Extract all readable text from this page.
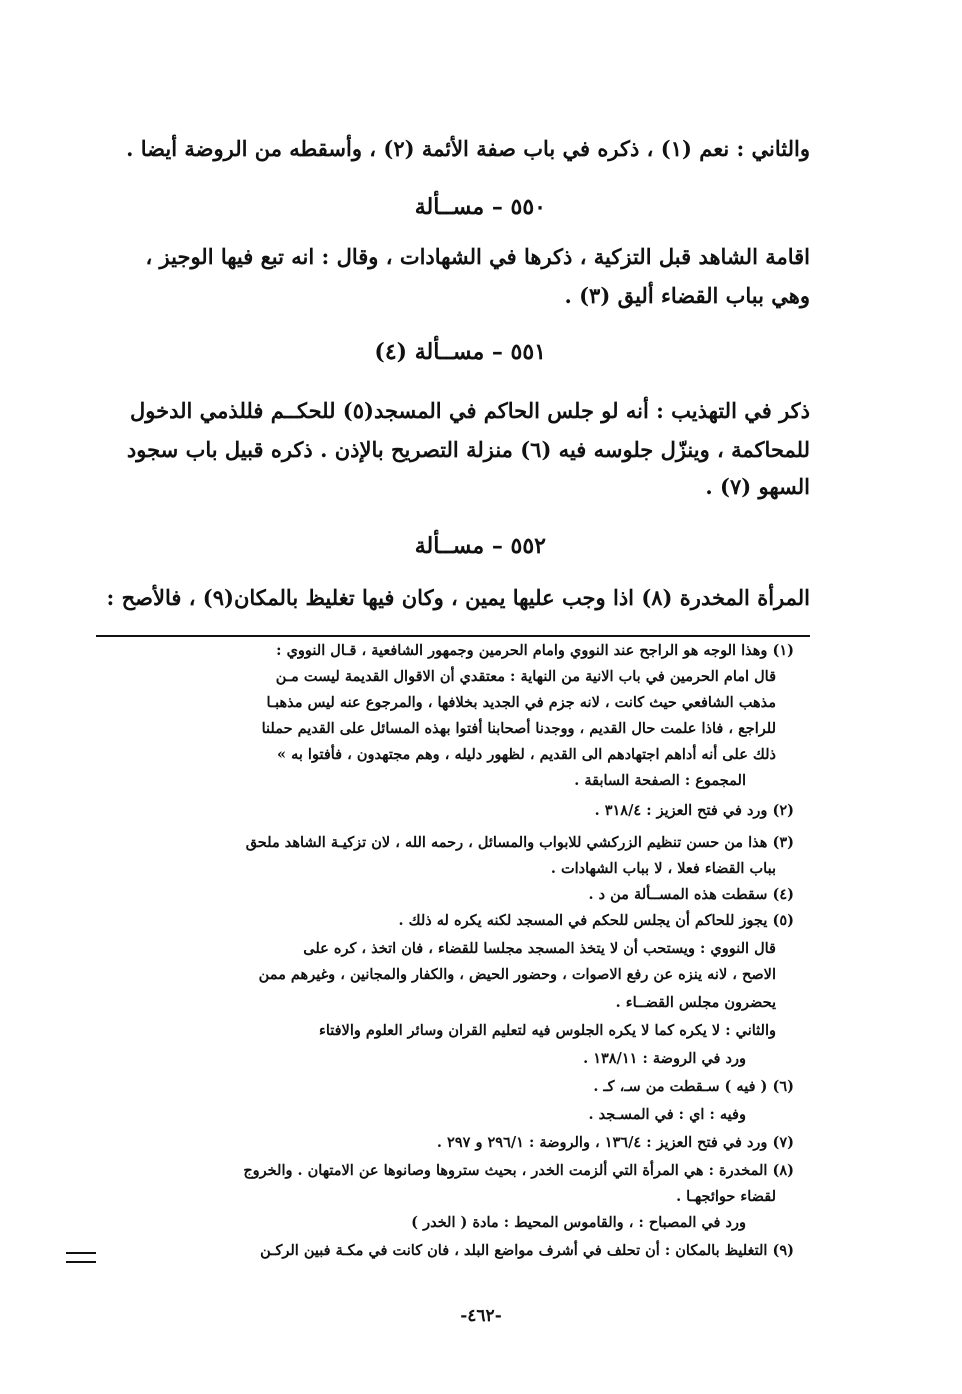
والثاني : نعم (١) ، ذكره في باب صفة الأئمة (٢) ، وأسقطه من الروضة أيضا .
٥٥٠ – مســألة
اقامة الشاهد قبل التزكية ، ذكرها في الشهادات ، وقال : انه تبع فيها الوجيز ،
وهي بباب القضاء أليق (٣) .
٥٥١ – مســألة (٤)
ذكر في التهذيب : أنه لو جلس الحاكم في المسجد(٥) للحكــم فللذمي الدخول
للمحاكمة ، وينزّل جلوسه فيه (٦) منزلة التصريح بالإذن . ذكره قبيل باب سجود
السهو (٧) .
٥٥٢ – مســألة
المرأة المخدرة (٨) اذا وجب عليها يمين ، وكان فيها تغليظ بالمكان(٩) ، فالأصح :
(١) وهذا الوجه هو الراجح عند النووي وامام الحرمين وجمهور الشافعية ، قـال النووي :
قال امام الحرمين في باب الانية من النهاية : معتقدي أن الاقوال القديمة ليست مـن
مذهب الشافعي حيث كانت ، لانه جزم في الجديد بخلافها ، والمرجوع عنه ليس مذهبـا
للراجع ، فاذا علمت حال القديم ، ووجدنا أصحابنا أفتوا بهذه المسائل على القديم حملنا
ذلك على أنه أداهم اجتهادهم الى القديم ، لظهور دليله ، وهم مجتهدون ، فأفتوا به »
المجموع : الصفحة السابقة .
(٢) ورد في فتح العزيز : ٣١٨/٤ .
(٣) هذا من حسن تنظيم الزركشي للابواب والمسائل ، رحمه الله ، لان تزكيـة الشاهد ملحق
بباب القضاء فعلا ، لا بباب الشهادات .
(٤) سقطت هذه المســألة من د .
(٥) يجوز للحاكم أن يجلس للحكم في المسجد لكنه يكره له ذلك .
قال النووي : ويستحب أن لا يتخذ المسجد مجلسا للقضاء ، فان اتخذ ، كره على
الاصح ، لانه ينزه عن رفع الاصوات ، وحضور الحيض ، والكفار والمجانين ، وغيرهم ممن
يحضرون مجلس القضــاء .
والثاني : لا يكره كما لا يكره الجلوس فيه لتعليم القران وسائر العلوم والافتاء
ورد في الروضة : ١٣٨/١١ .
(٦) ( فيه ) سـقطت من سـ، كـ .
وفيه : اي : في المسـجد .
(٧) ورد في فتح العزيز : ١٣٦/٤ ، والروضة : ٢٩٦/١ و ٢٩٧ .
(٨) المخدرة : هي المرأة التي ألزمت الخدر ، بحيث ستروها وصانوها عن الامتهان . والخروج
لقضاء حوائجهـا .
ورد في المصباح : ، والقاموس المحيط : مادة ( الخدر )
(٩) التغليظ بالمكان : أن تحلف في أشرف مواضع البلد ، فان كانت في مكـة فبين الركـن
-٤٦٢-
